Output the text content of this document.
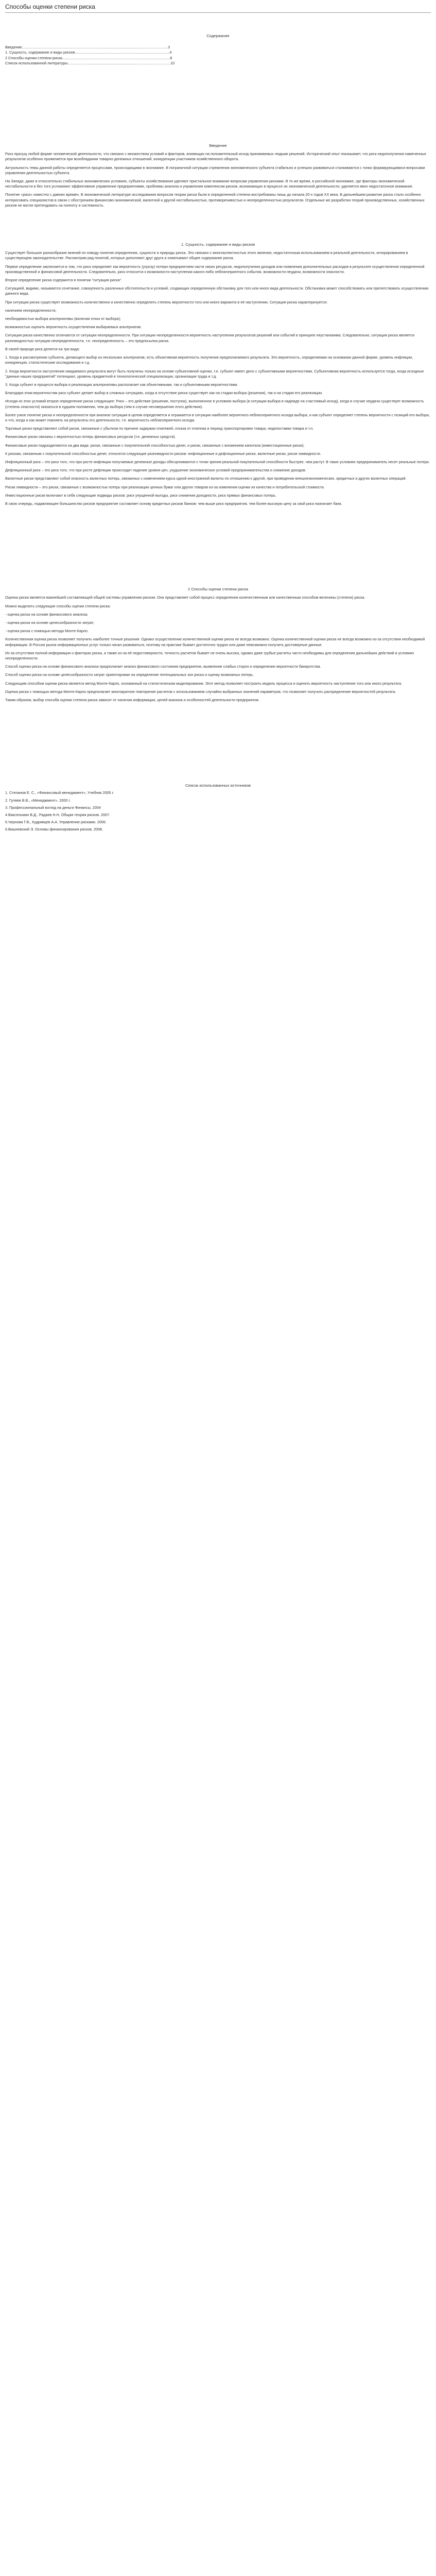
Способы оценки степени риска

Содержание

Введение..............................................................................................................................................3

1. Сущность, содержание и виды рисков............................................................................................4

2 Способы оценки степени риска.........................................................................................................8

Список использованной литературы....................................................................................................10

Введение

Риск присущ любой форме человеческой деятельности, что связано с множеством условий и факторов, влияющих на положительный исход принимаемых людьми решений. Исторический опыт показывает, что риск недополучения намеченных результатов особенно проявляется при возобладании товарно-денежных отношений, конкуренции участников хозяйственного оборота.

Актуальность темы данной работы определяется процессами, происходящими в экономике. В пограничной ситуации стремления экономического субъекта стабильно и успешно развиваться сталкиваются с тонко формирующимися вопросами управления деятельностью субъекта.

На Западе, даже в относительно стабильных экономических условиях, субъекты хозяйствования уделяют пристальное внимание вопросам управления рисками. В то же время, в российской экономике, где факторы экономической нестабильности в без того усложняют эффективное управление предприятиями, проблемы анализа и управления комплексом рисков, возникающих в процессе их экономической деятельности, уделяется явно недостаточное внимание.

Понятие «риск» известно с давних времен. В экономической литературе исследования вопросов теории риска были в определенной степени востребованы лишь до начала 20-х годов ХХ века. В дальнейшем развитие риска стало особенно интересовать специалистов в связи с обострением финансово-экономической, валютной и другой нестабильностью, противоречивостью и неопределенностью результатов. Отдельные же разработки теорий производственных, хозяйственных рисков не могли претендовать на полноту и системность.

1. Сущность, содержание и виды рисков

Существует большое разнообразие мнений по поводу понятия определения, сущности и природы риска. Это связано с многоаспектностью этого явления, недостаточным использованием в реальной деятельности, игнорированием в существующем законодательстве. Рассмотрим ряд понятий, которые дополняют друг друга и охватывают общее содержание риска.

Первое определение заключается в том, что риск определяет как вероятность (угрозу) потери предприятием части своих ресурсов, недополучения доходов или появления дополнительных расходов в результате осуществления определенной производственной и финансовой деятельности. Следовательно, риск относится к возможности наступления какого-либо неблагоприятного события, возможности неудачи, возможности опасности.

Второе определение риска содержится в понятии "ситуация риска".

Ситуацией, видимо, называется сочетание, совокупность различных обстоятельств и условий, создающих определенную обстановку для того или иного вида деятельности. Обстановка может способствовать или препятствовать осуществлению данного вида.

При ситуации риска существует возможность количественно и качественно определить степень вероятности того или иного варианта в её наступлении. Ситуация риска характеризуется:

наличием неопределенности;

необходимостью выбора альтернативы (включая отказ от выбора);

возможностью оценить вероятность осуществления выбираемых альтернатив.

Ситуация риска качественно отличается от ситуации неопределенности. При ситуации неопределенности вероятность наступления результатов решений или событий в принципе неустановима. Следовательно, ситуация риска является разновидностью ситуации неопределенности, т.е. неопределенность – это предпосылка риска.

В своей природе риск делится на три вида:

1. Когда в рассмотрении субъекта, делающего выбор из нескольких альтернатив, есть объективная вероятность получения предполагаемого результата. Это вероятность, определяемая на основании данной фирме, уровень инфляции, конкуренция, статистические исследования и т.д.

2. Когда вероятности наступления ожидаемого результата могут быть получены только на основе субъективной оценки, т.е. субъект имеет дело с субъективными вероятностями. Субъективная вероятность используется тогда, когда исходные "данные наших предприятий" потенциал, уровень предметной в технологической специализации, организации труда и т.д.

3. Когда субъект в процессе выбора и реализации альтернативы располагает как объективными, так и субъективными вероятностями.

Благодаря этим вероятностям риск субъект делает выбор в сложных ситуациях, когда в отсутствие риска существует как на стадии выбора (решения), так и на стадии его реализации.

Исходя из этих условий второе определение риска следующее: Риск – это действие (решение, поступок), выполненное в условиях выбора (в ситуации выбора в надежде на счастливый исход), когда в случае неудачи существует возможность (степень опасности) оказаться в худшем положении, чем до выбора (чем в случае несовершения этого действия).

Более узкое понятие риска и неопределенности при анализе ситуации в целом определяется и отражается в ситуации наиболее вероятного неблагоприятного исхода выбора, и как субъект определяет степень вероятности с позиций его выбора, и что, когда и как может повлиять на результаты его деятельности, т.е. вероятность неблагоприятного исхода.

Торговые риски представляют собой риски, связанные с убытком по причине задержки платежей, отказа от платежа в период транспортировки товара, недопоставки товара и т.п.

Финансовые риски связаны с вероятностью потерь финансовых ресурсов (т.е. денежных средств).

Финансовые риски подразделяются на два вида: риски, связанные с покупательной способностью денег, и риски, связанные с вложением капитала (инвестиционные риски).

К рискам, связанным с покупательной способностью денег, относятся следующие разновидности рисков: инфляционные и дефляционные риски, валютные риски, риски ликвидности.

Инфляционный риск – это риск того, что при росте инфляции получаемые денежные доходы обесцениваются с точки зрения реальной покупательной способности быстрее, чем растут. В таких условиях предприниматель несет реальные потери.

Дефляционный риск – это риск того, что при росте дефляции происходит падение уровня цен, ухудшение экономических условий предпринимательства и снижение доходов.

Валютные риски представляют собой опасность валютных потерь, связанных с изменением курса одной иностранной валюты по отношению к другой, при проведении внешнеэкономических, кредитных и других валютных операций.

Риски ликвидности – это риски, связанные с возможностью потерь при реализации ценных бумаг или других товаров из-за изменения оценки их качества и потребительской стоимости.

Инвестиционные риски включают в себя следующие подвиды рисков: риск упущенной выгоды, риск снижения доходности, риск прямых финансовых потерь.

В свою очередь, подавляющее большинство рисков предприятие составляет основу кредитных рисков банков: чем выше риск предприятия, тем более высокую цену за свой риск назначает банк.

2 Способы оценки степени риска

Оценка риска является важнейшей составляющей общей системы управления риском. Она представляет собой процесс определения количественным или качественным способом величины (степени) риска.

Можно выделить следующие способы оценки степени риска:

- оценка риска на основе финансового анализа;

- оценка риска на основе целесообразности затрат;

- оценка риска с помощью метода Монте-Карло.

Количественная оценка риска позволяет получить наиболее точные решения. Однако осуществление количественной оценки риска не всегда возможно. Оценка количественной оценки риска не всегда возможно из-за отсутствия необходимой информации. В России рынок информационных услуг только начал развиваться, поэтому на практике бывает достаточно трудно или даже невозможно получить достоверные данные.

Из-за отсутствия полной информации о факторах риска, а также из-за её недостоверности, точность расчетов бывает не очень высока, однако даже грубые расчеты часто необходимы для определения дальнейших действий в условиях неопределенности.

Способ оценки риска на основе финансового анализа предполагает анализ финансового состояния предприятия, выявление слабых сторон и определение вероятности банкротства.

Способ оценки риска на основе целесообразности затрат ориентирован на определение потенциальных зон риска и оценку возможных потерь.

Следующим способом оценки риска является метод Монте-Карло, основанный на статистическом моделировании. Этот метод позволяет построить модель процесса и оценить вероятность наступления того или иного результата.

Оценка риска с помощью метода Монте-Карло предполагает многократное повторение расчетов с использованием случайно выбранных значений параметров, что позволяет получить распределение вероятностей результата.

Таким образом, выбор способа оценки степени риска зависит от наличия информации, целей анализа и особенностей деятельности предприятия.

Список использованных источников

1. Степанов Е. С., «Финансовый менеджмент», Учебник 2005 г.

2. Гуляев В.В., «Менеджмент». 2000 г.

3. Профессиональный взгляд на деньги Финансы, 2004

4.Ваксельман В.Д., Радаев Н.Н. Общая теория рисков. 2007.

5.Чернова Г.В., Кудрявцев А.А. Управление рисками. 2006.

6.Вишневский Э. Основы финансирования рисков. 2008.
